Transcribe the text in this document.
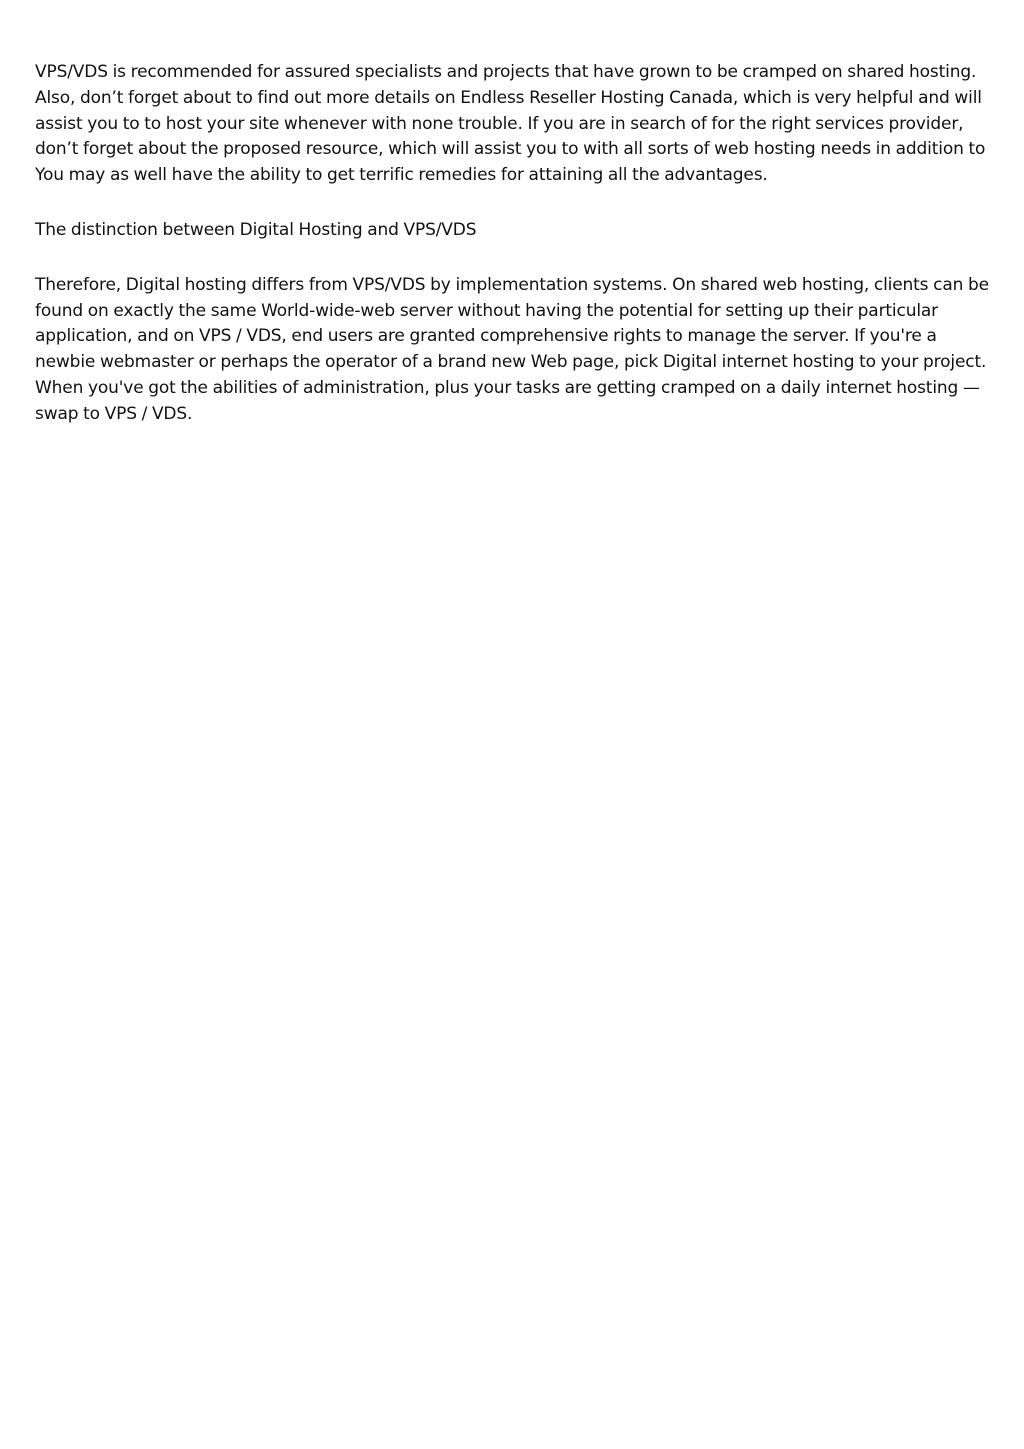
VPS/VDS is recommended for assured specialists and projects that have grown to be cramped on shared hosting. Also, don’t forget about to find out more details on Endless Reseller Hosting Canada, which is very helpful and will assist you to to host your site whenever with none trouble. If you are in search of for the right services provider, don’t forget about the proposed resource, which will assist you to with all sorts of web hosting needs in addition to You may as well have the ability to get terrific remedies for attaining all the advantages.

The distinction between Digital Hosting and VPS/VDS

Therefore, Digital hosting differs from VPS/VDS by implementation systems. On shared web hosting, clients can be found on exactly the same World-wide-web server without having the potential for setting up their particular application, and on VPS / VDS, end users are granted comprehensive rights to manage the server. If you're a newbie webmaster or perhaps the operator of a brand new Web page, pick Digital internet hosting to your project. When you've got the abilities of administration, plus your tasks are getting cramped on a daily internet hosting — swap to VPS / VDS.
